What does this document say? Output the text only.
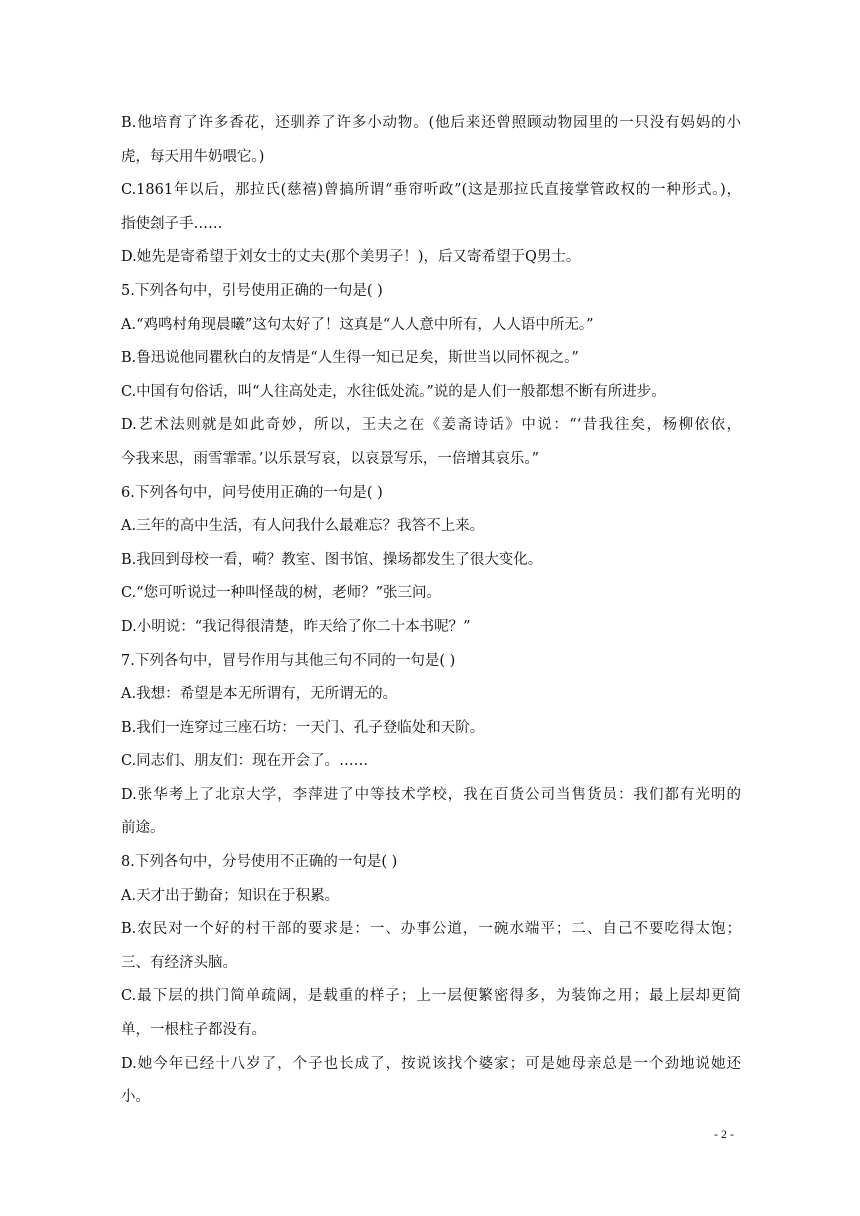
B.他培育了许多香花，还驯养了许多小动物。(他后来还曾照顾动物园里的一只没有妈妈的小
虎，每天用牛奶喂它。)
C.1861年以后，那拉氏(慈禧)曾搞所谓“垂帘听政”(这是那拉氏直接掌管政权的一种形式。)，
指使刽子手……
D.她先是寄希望于刘女士的丈夫(那个美男子！)，后又寄希望于Q男士。
5.下列各句中，引号使用正确的一句是( )
A.“鸡鸣村角现晨曦”这句太好了！这真是“人人意中所有，人人语中所无。”
B.鲁迅说他同瞿秋白的友情是“人生得一知已足矣，斯世当以同怀视之。”
C.中国有句俗话，叫“人往高处走，水往低处流。”说的是人们一般都想不断有所进步。
D.艺术法则就是如此奇妙，所以，王夫之在《姜斋诗话》中说：“‘昔我往矣，杨柳依依，
今我来思，雨雪霏霏。’以乐景写哀，以哀景写乐，一倍增其哀乐。”
6.下列各句中，问号使用正确的一句是( )
A.三年的高中生活，有人问我什么最难忘？我答不上来。
B.我回到母校一看，嗬？教室、图书馆、操场都发生了很大变化。
C.“您可听说过一种叫怪哉的树，老师？”张三问。
D.小明说：“我记得很清楚，昨天给了你二十本书呢？”
7.下列各句中，冒号作用与其他三句不同的一句是( )
A.我想：希望是本无所谓有，无所谓无的。
B.我们一连穿过三座石坊：一天门、孔子登临处和天阶。
C.同志们、朋友们：现在开会了。……
D.张华考上了北京大学，李萍进了中等技术学校，我在百货公司当售货员：我们都有光明的
前途。
8.下列各句中，分号使用不正确的一句是( )
A.天才出于勤奋；知识在于积累。
B.农民对一个好的村干部的要求是：一、办事公道，一碗水端平；二、自己不要吃得太饱；
三、有经济头脑。
C.最下层的拱门简单疏阔，是载重的样子；上一层便繁密得多，为装饰之用；最上层却更简
单，一根柱子都没有。
D.她今年已经十八岁了，个子也长成了，按说该找个婆家；可是她母亲总是一个劲地说她还
小。
- 2 -
